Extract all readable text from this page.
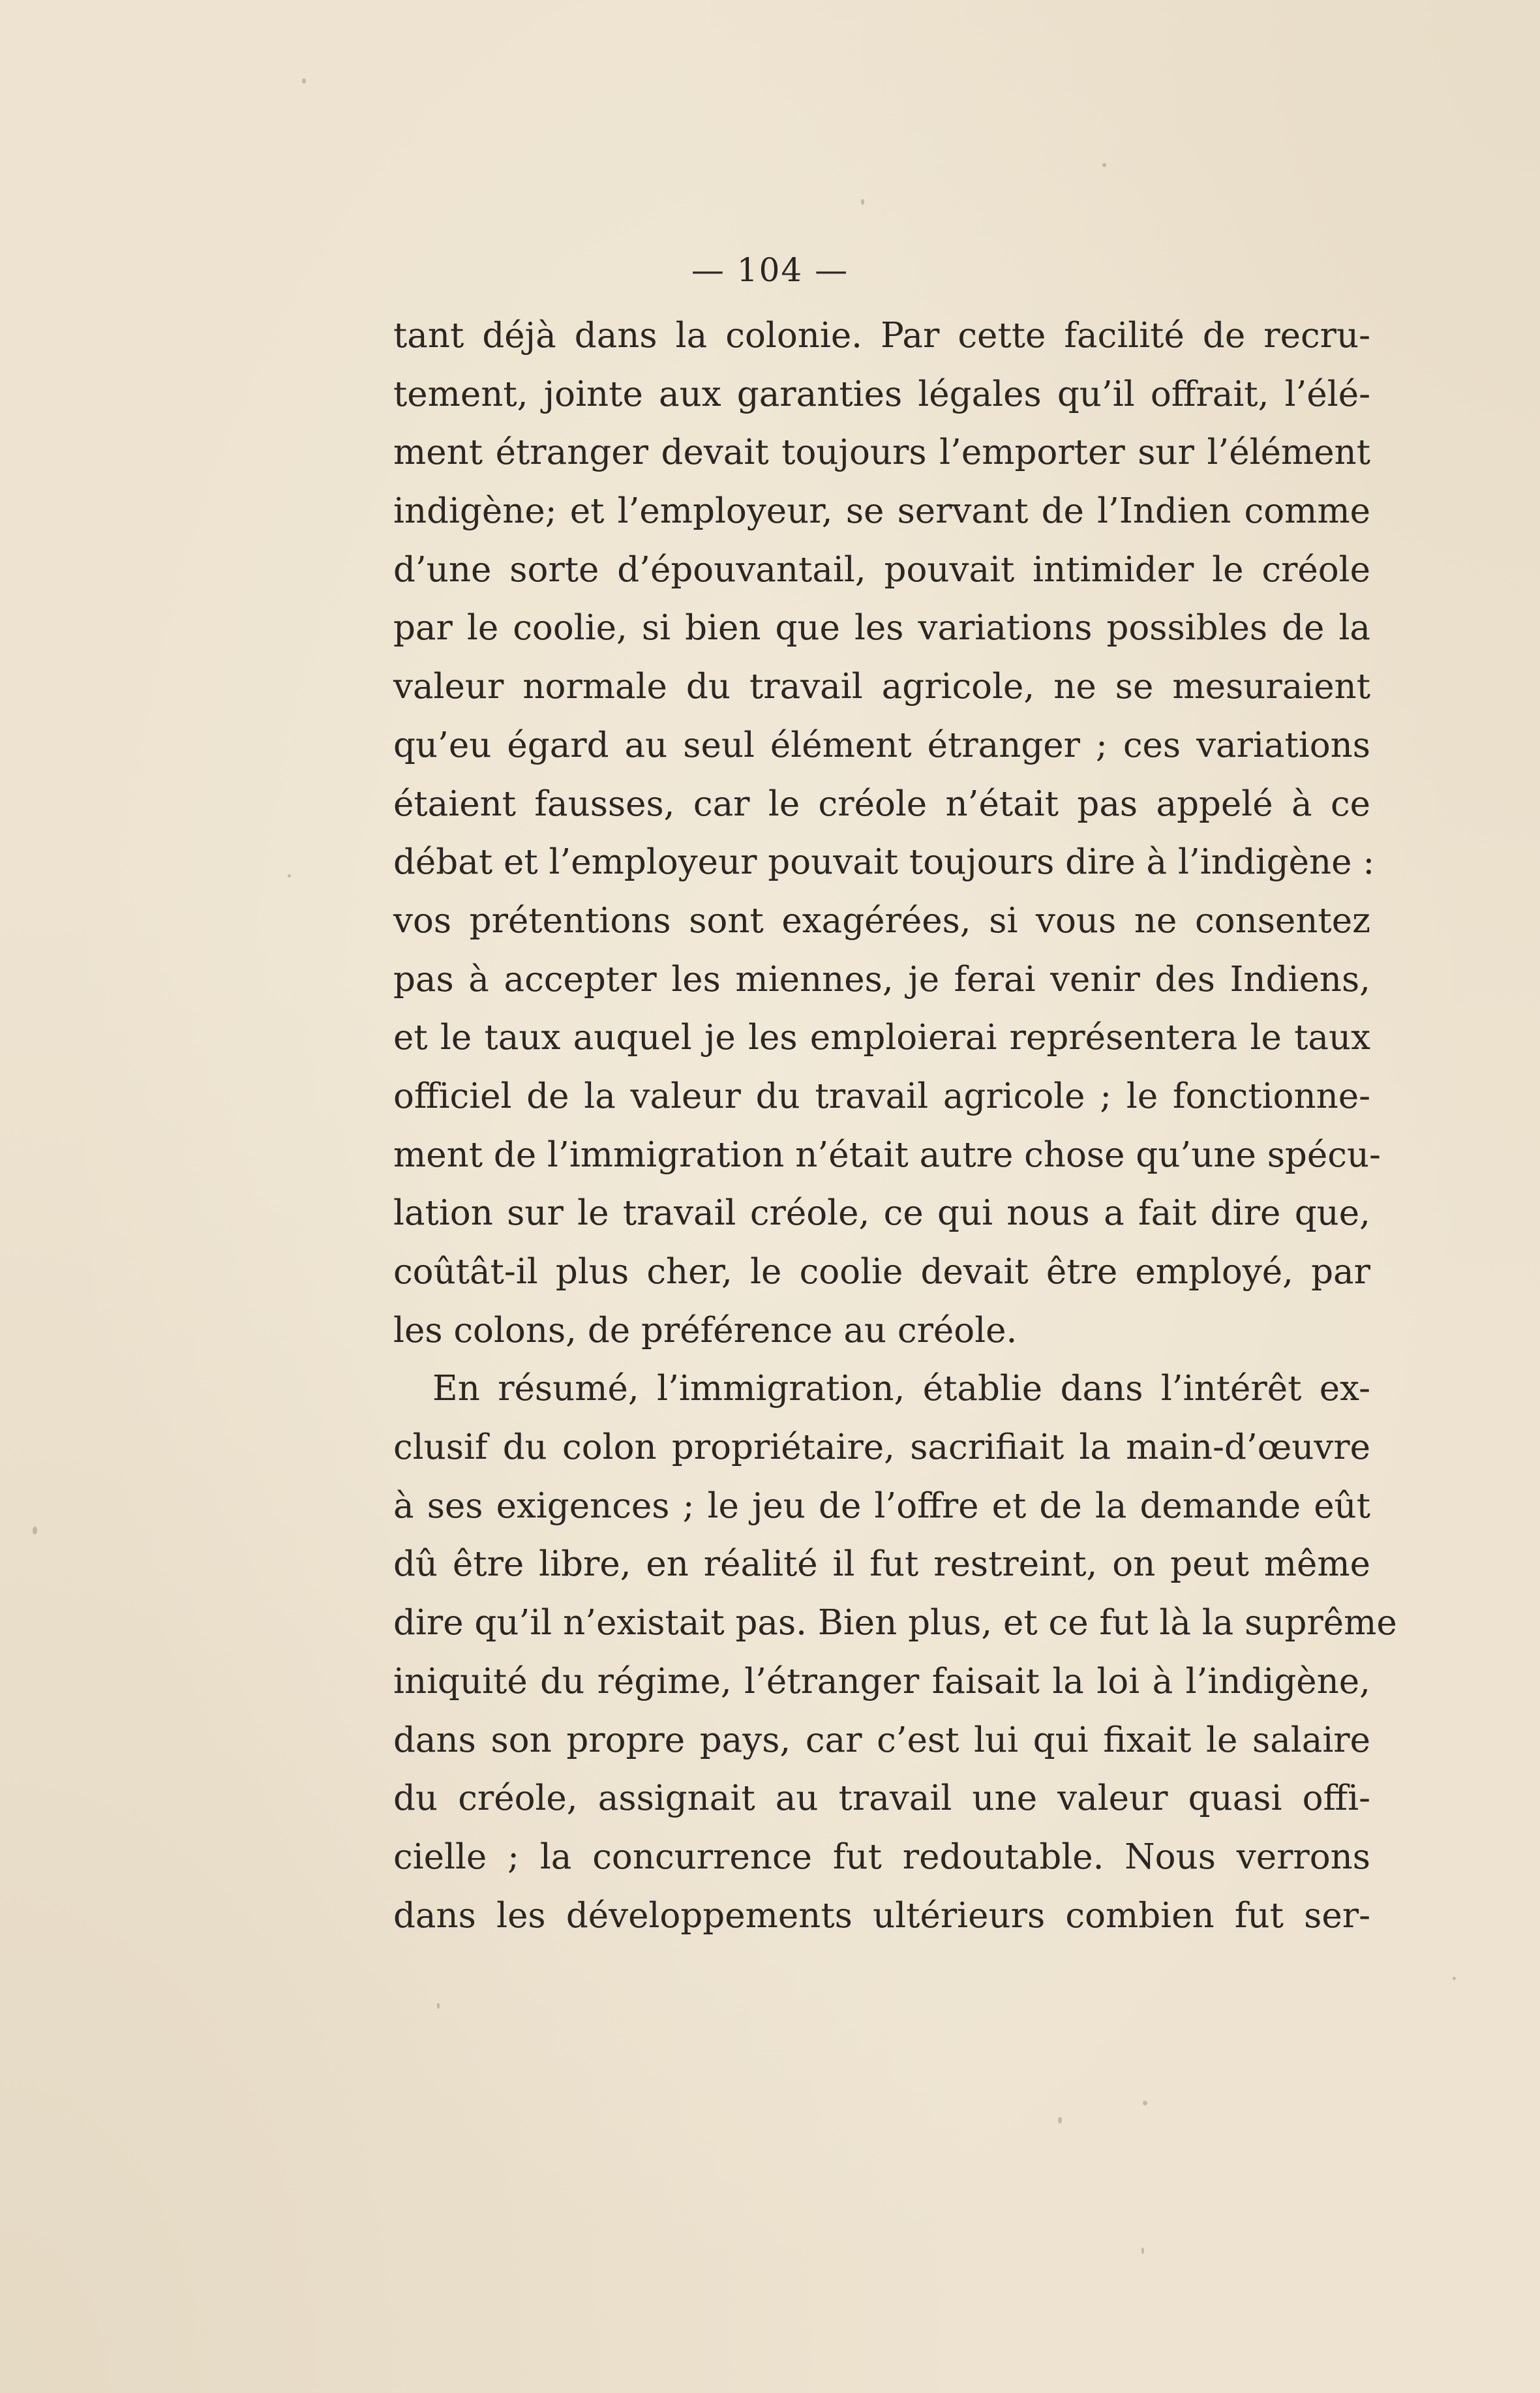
— 104 —
tant déjà dans la colonie. Par cette facilité de recru-
tement, jointe aux garanties légales qu’il offrait, l’élé-
ment étranger devait toujours l’emporter sur l’élément
indigène; et l’employeur, se servant de l’Indien comme
d’une sorte d’épouvantail, pouvait intimider le créole
par le coolie, si bien que les variations possibles de la
valeur normale du travail agricole, ne se mesuraient
qu’eu égard au seul élément étranger ; ces variations
étaient fausses, car le créole n’était pas appelé à ce
débat et l’employeur pouvait toujours dire à l’indigène :
vos prétentions sont exagérées, si vous ne consentez
pas à accepter les miennes, je ferai venir des Indiens,
et le taux auquel je les emploierai représentera le taux
officiel de la valeur du travail agricole ; le fonctionne-
ment de l’immigration n’était autre chose qu’une spécu-
lation sur le travail créole, ce qui nous a fait dire que,
coûtât-il plus cher, le coolie devait être employé, par
les colons, de préférence au créole.
En résumé, l’immigration, établie dans l’intérêt ex-
clusif du colon propriétaire, sacrifiait la main-d’œuvre
à ses exigences ; le jeu de l’offre et de la demande eût
dû être libre, en réalité il fut restreint, on peut même
dire qu’il n’existait pas. Bien plus, et ce fut là la suprême
iniquité du régime, l’étranger faisait la loi à l’indigène,
dans son propre pays, car c’est lui qui fixait le salaire
du créole, assignait au travail une valeur quasi offi-
cielle ; la concurrence fut redoutable. Nous verrons
dans les développements ultérieurs combien fut ser-
